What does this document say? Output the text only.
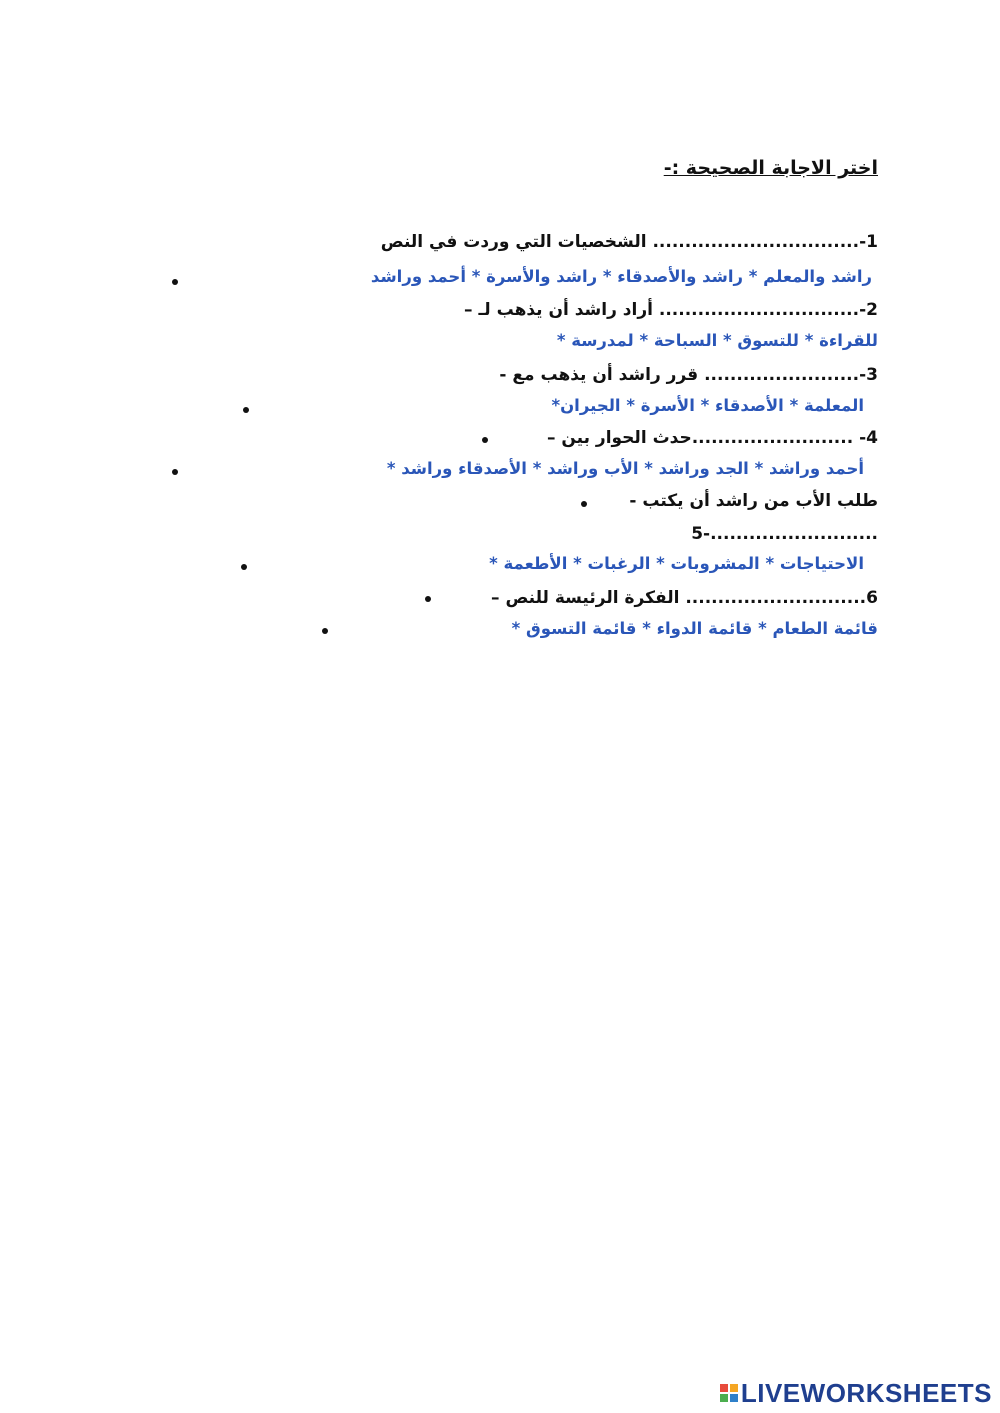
اختر الاجابة الصحيحة :-
1-................................ الشخصيات التي وردت في النص
راشد والمعلم * راشد والأصدقاء * راشد والأسرة * أحمد وراشد
2-............................... أراد راشد أن يذهب لـ –
للقراءة * للتسوق * السباحة * لمدرسة *
3-........................ قرر راشد أن يذهب مع -
المعلمة * الأصدقاء * الأسرة * الجيران*
4- .........................حدث الحوار بين –
أحمد وراشد * الجد وراشد * الأب وراشد * الأصدقاء وراشد *
طلب الأب من راشد أن يكتب -
5-..........................
الاحتياجات * المشروبات * الرغبات * الأطعمة *
6............................ الفكرة الرئيسة للنص –
قائمة الطعام * قائمة الدواء * قائمة التسوق *
LIVEWORKSHEETS
